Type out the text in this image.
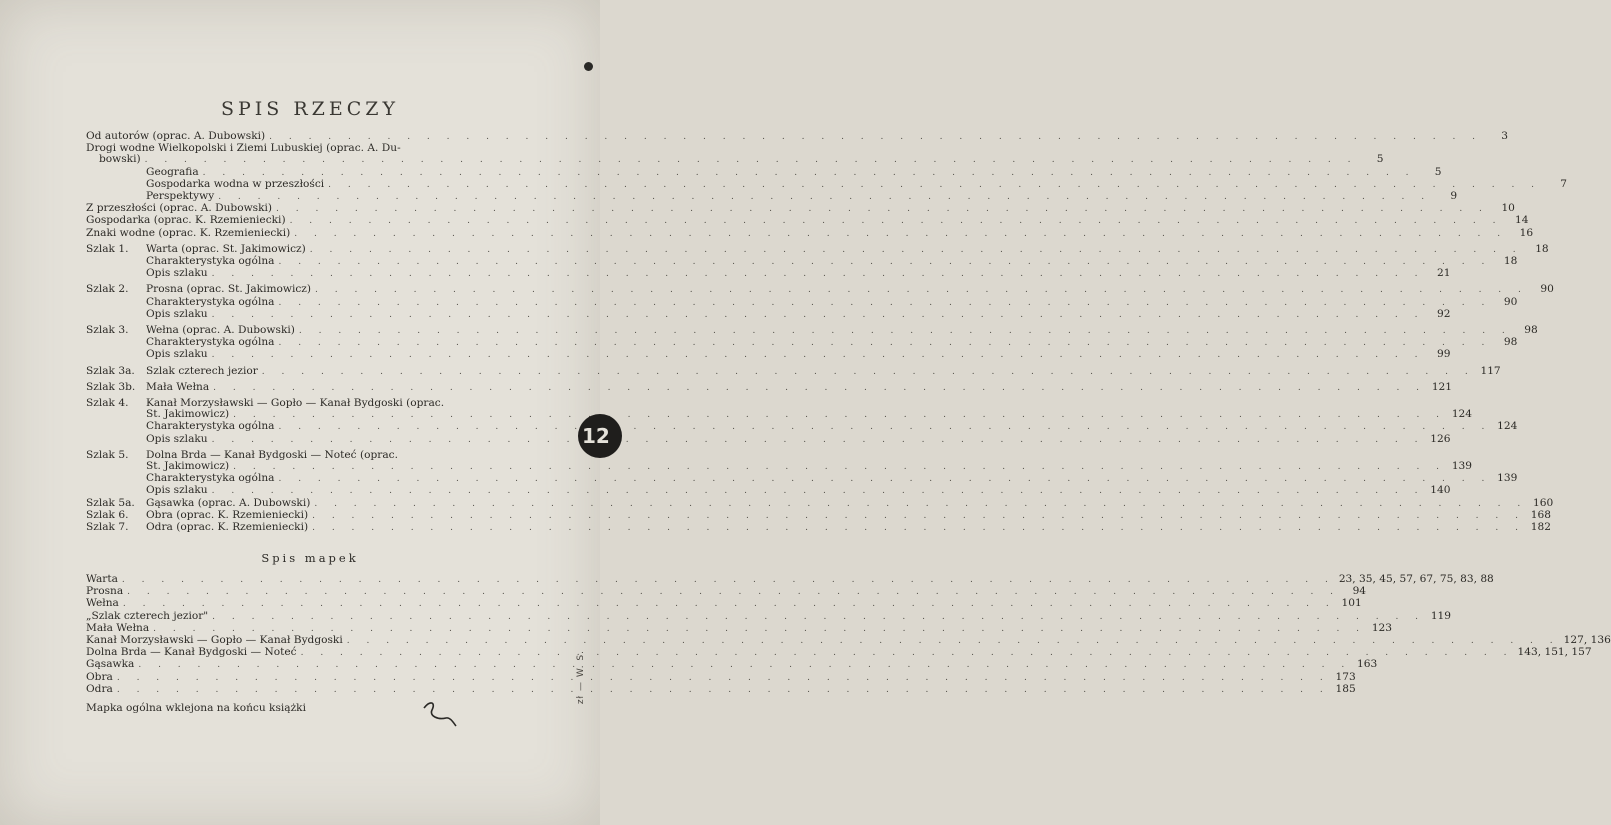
SPIS RZECZY
Od autorów (oprac. A. Dubowski) . . .	3
Drogi wodne Wielkopolski i Ziemi Lubuskiej (oprac. A. Du-
bowski) . . .	5
Geografia . . .	5
Gospodarka wodna w przeszłości . . .	7
Perspektywy . . .	9
Z przeszłości (oprac. A. Dubowski) . . .	10
Gospodarka (oprac. K. Rzemieniecki) . . .	14
Znaki wodne (oprac. K. Rzemieniecki) . . .	16
Szlak 1. Warta (oprac. St. Jakimowicz) . . .	18
Charakterystyka ogólna . . .	18
Opis szlaku . . .	21
Szlak 2. Prosna (oprac. St. Jakimowicz) . . .	90
Charakterystyka ogólna . . .	90
Opis szlaku . . .	92
Szlak 3. Wełna (oprac. A. Dubowski) . . .	98
Charakterystyka ogólna . . .	98
Opis szlaku . . .	99
Szlak 3a. Szlak czterech jezior . . .	117
Szlak 3b. Mała Wełna . . .	121
Szlak 4. Kanał Morzysławski — Gopło — Kanał Bydgoski (oprac.
St. Jakimowicz) . . .	124
Charakterystyka ogólna . . .	124
Opis szlaku . . .	126
Szlak 5. Dolna Brda — Kanał Bydgoski — Noteć (oprac.
St. Jakimowicz) . . .	139
Charakterystyka ogólna . . .	139
Opis szlaku . . .	140
Szlak 5a. Gąsawka (oprac. A. Dubowski) . . .	160
Szlak 6. Obra (oprac. K. Rzemieniecki) . . .	168
Szlak 7. Odra (oprac. K. Rzemieniecki) . . .	182
Spis mapek
Warta . . .	23, 35, 45, 57, 67, 75, 83, 88
Prosna . . .	94
Wełna . . .	101
„Szlak czterech jezior" . . .	119
Mała Wełna . . .	123
Kanał Morzysławski — Gopło — Kanał Bydgoski . . .	127, 136
Dolna Brda — Kanał Bydgoski — Noteć . . .	143, 151, 157
Gąsawka . . .	163
Obra . . .	173
Odra . . .	185
Mapka ogólna wklejona na końcu książki
12
zł — W. S.
